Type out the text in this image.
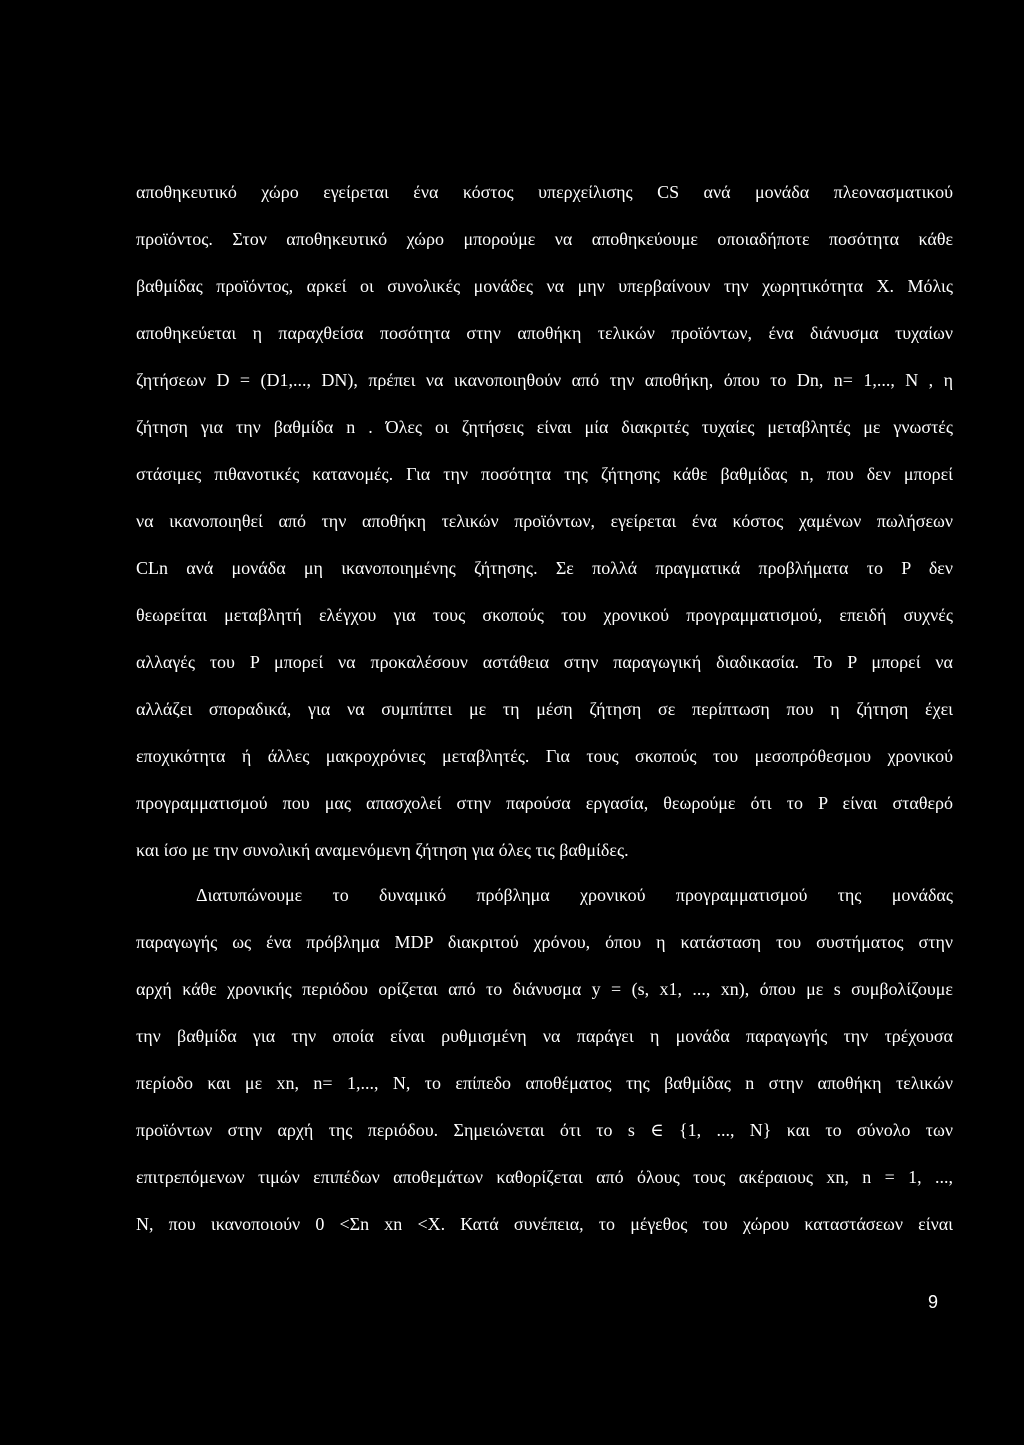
αποθηκευτικό χώρο εγείρεται ένα κόστος υπερχείλισης CS ανά μονάδα πλεονασματικού
προϊόντος. Στον αποθηκευτικό χώρο μπορούμε να αποθηκεύουμε οποιαδήποτε ποσότητα κάθε
βαθμίδας προϊόντος, αρκεί οι συνολικές μονάδες να μην υπερβαίνουν την χωρητικότητα X. Μόλις
αποθηκεύεται η παραχθείσα ποσότητα στην αποθήκη τελικών προϊόντων, ένα διάνυσμα τυχαίων
ζητήσεων D = (D1,..., DN), πρέπει να ικανοποιηθούν από την αποθήκη, όπου το Dn, n= 1,..., N , η
ζήτηση για την βαθμίδα n . Όλες οι ζητήσεις είναι μία διακριτές τυχαίες μεταβλητές με γνωστές
στάσιμες πιθανοτικές κατανομές. Για την ποσότητα της ζήτησης κάθε βαθμίδας n, που δεν μπορεί
να ικανοποιηθεί από την αποθήκη τελικών προϊόντων, εγείρεται ένα κόστος χαμένων πωλήσεων
CLn ανά μονάδα μη ικανοποιημένης ζήτησης. Σε πολλά πραγματικά προβλήματα το P δεν
θεωρείται μεταβλητή ελέγχου για τους σκοπούς του χρονικού προγραμματισμού, επειδή συχνές
αλλαγές του P μπορεί να προκαλέσουν αστάθεια στην παραγωγική διαδικασία. Το P μπορεί να
αλλάζει σποραδικά, για να συμπίπτει με τη μέση ζήτηση σε περίπτωση που η ζήτηση έχει
εποχικότητα ή άλλες μακροχρόνιες μεταβλητές. Για τους σκοπούς του μεσοπρόθεσμου χρονικού
προγραμματισμού που μας απασχολεί στην παρούσα εργασία, θεωρούμε ότι το P είναι σταθερό
και ίσο με την συνολική αναμενόμενη ζήτηση για όλες τις βαθμίδες.
Διατυπώνουμε το δυναμικό πρόβλημα χρονικού προγραμματισμού της μονάδας
παραγωγής ως ένα πρόβλημα MDP διακριτού χρόνου, όπου η κατάσταση του συστήματος στην
αρχή κάθε χρονικής περιόδου ορίζεται από το διάνυσμα y = (s, x1, ..., xn), όπου με s συμβολίζουμε
την βαθμίδα για την οποία είναι ρυθμισμένη να παράγει η μονάδα παραγωγής την τρέχουσα
περίοδο και με xn, n= 1,..., N, το επίπεδο αποθέματος της βαθμίδας n στην αποθήκη τελικών
προϊόντων στην αρχή της περιόδου. Σημειώνεται ότι το s ∈ {1, ..., N} και το σύνολο των
επιτρεπόμενων τιμών επιπέδων αποθεμάτων καθορίζεται από όλους τους ακέραιους xn, n = 1, ...,
N, που ικανοποιούν 0 <Σn xn <X. Κατά συνέπεια, το μέγεθος του χώρου καταστάσεων είναι
9
